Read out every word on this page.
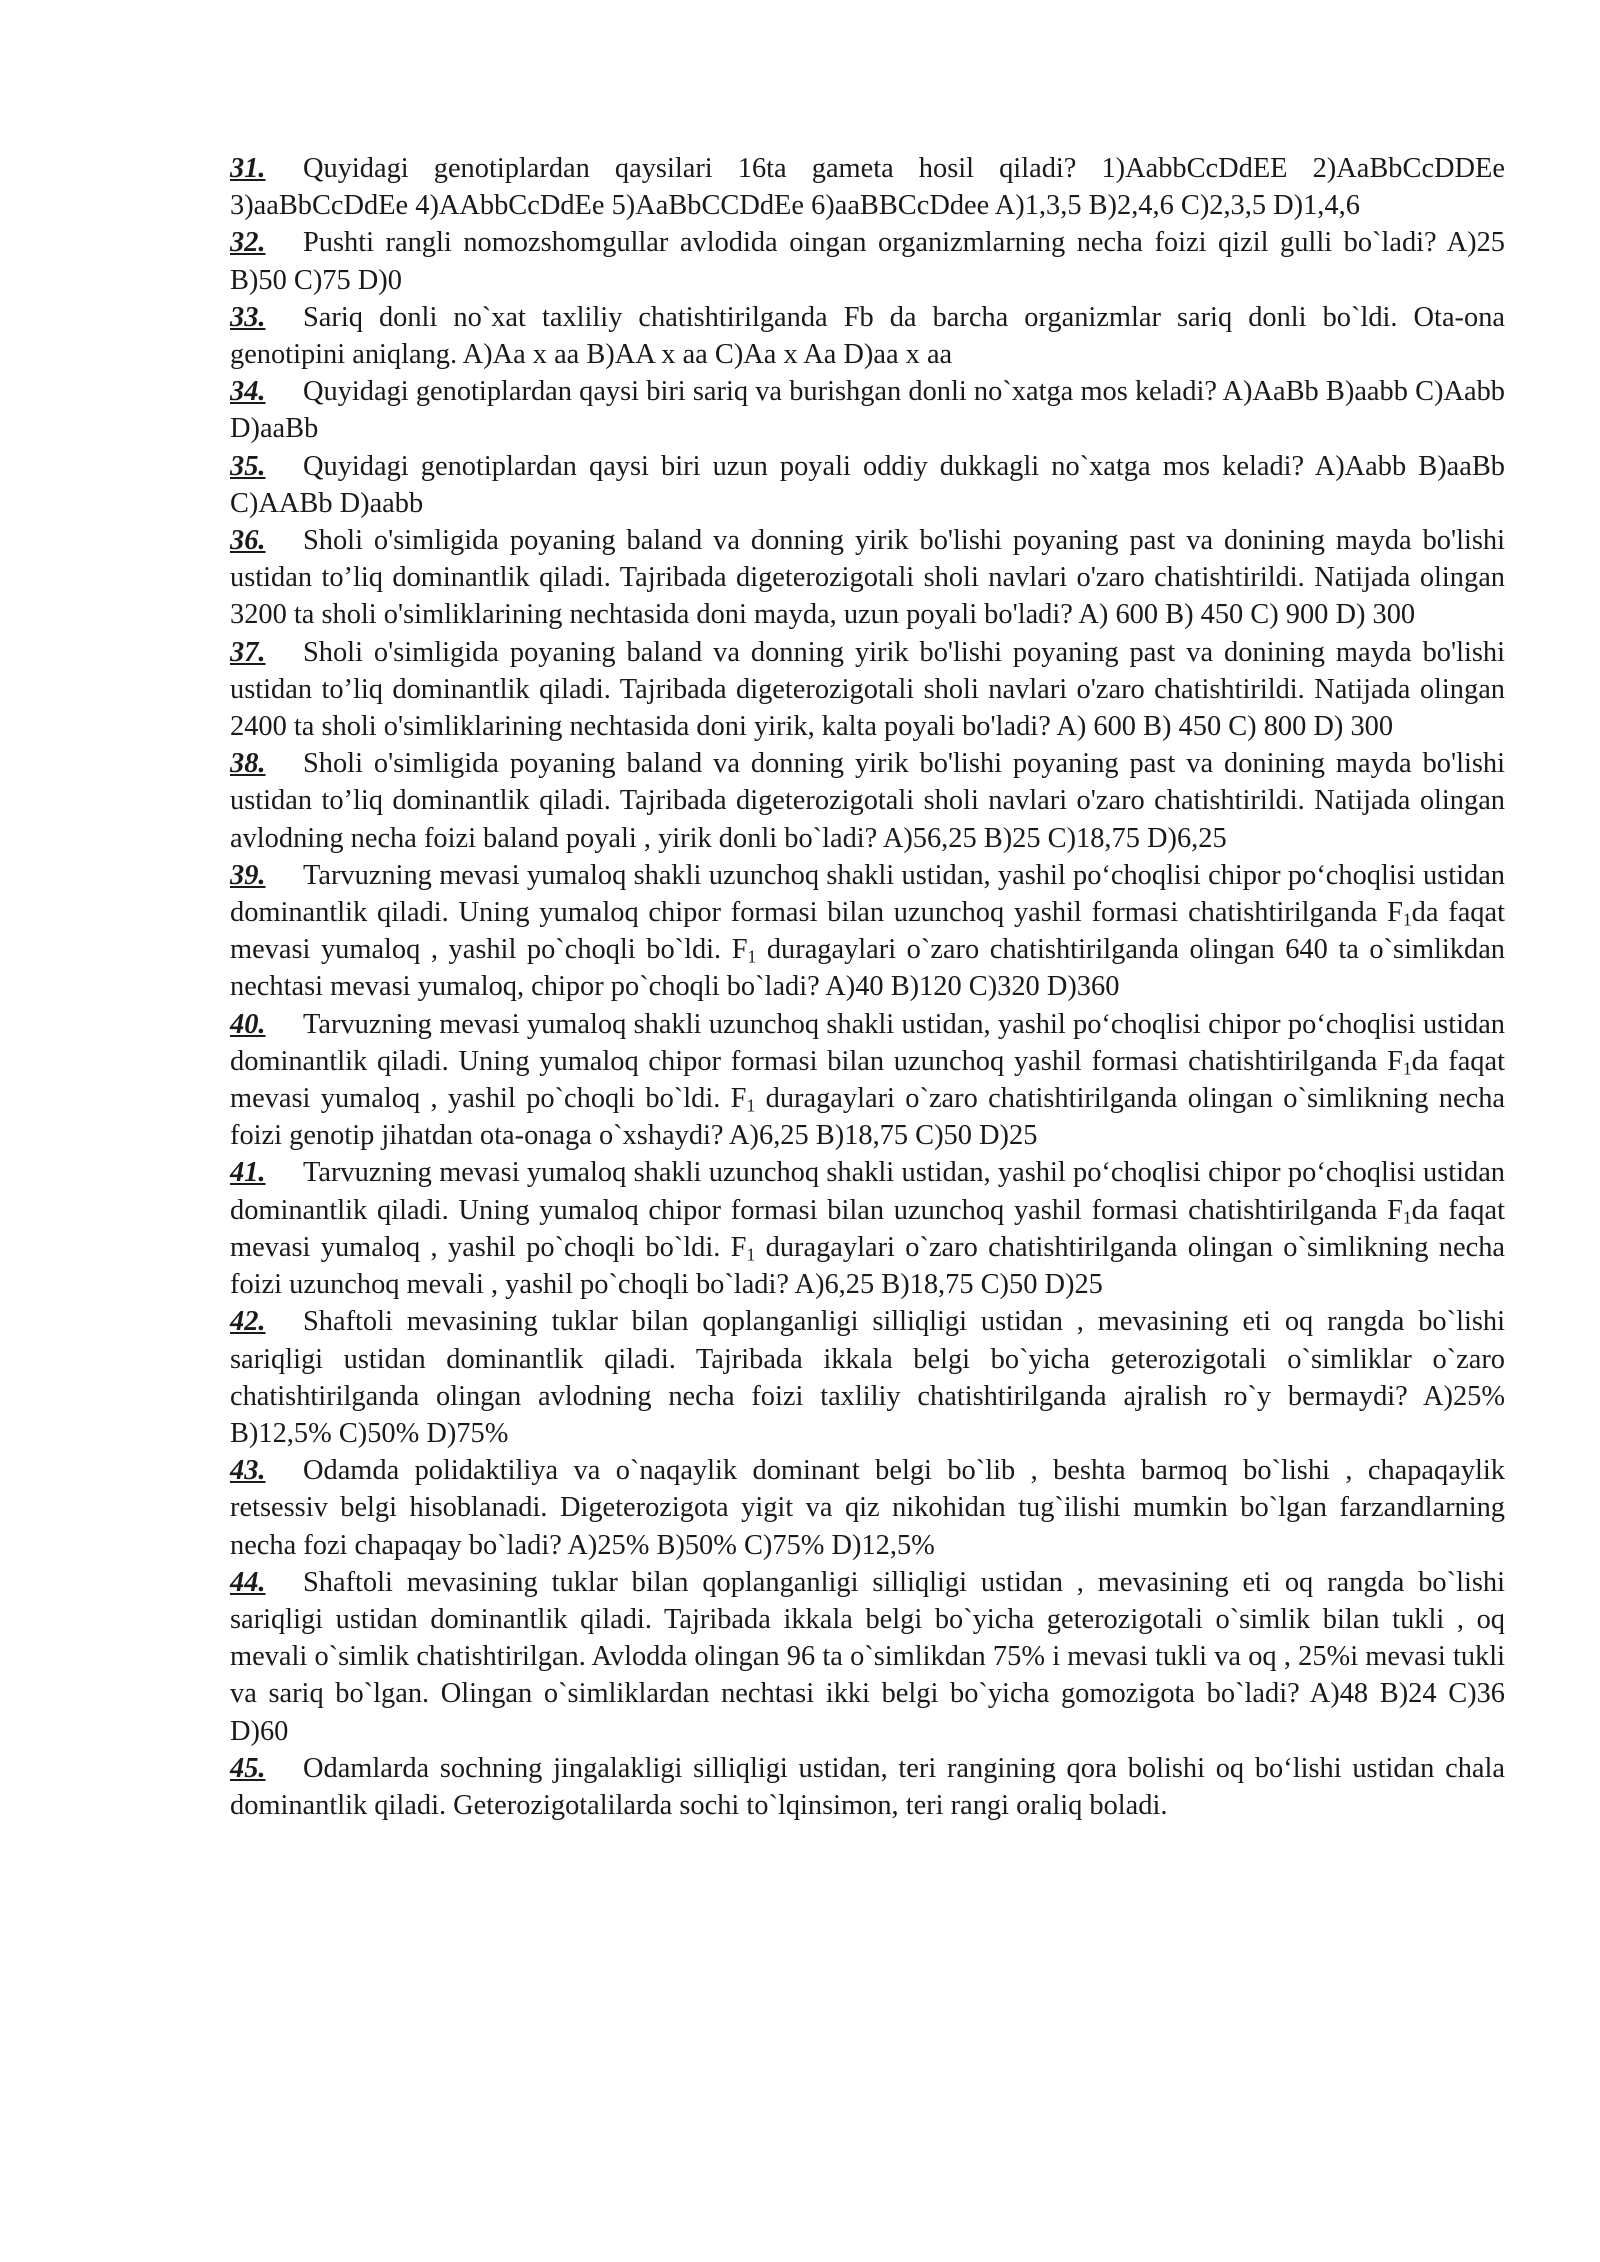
31. Quyidagi genotiplardan qaysilari 16ta gameta hosil qiladi? 1)AabbCcDdEE 2)AaBbCcDDEe 3)aaBbCcDdEe 4)AAbbCcDdEe 5)AaBbCCDdEe 6)aaBBCcDdee A)1,3,5 B)2,4,6 C)2,3,5 D)1,4,6

32. Pushti rangli nomozshomgullar avlodida oingan organizmlarning necha foizi qizil gulli bo`ladi? A)25 B)50 C)75 D)0

33. Sariq donli no`xat taxliliy chatishtirilganda Fb da barcha organizmlar sariq donli bo`ldi. Ota-ona genotipini aniqlang. A)Aa x aa B)AA x aa C)Aa x Aa D)aa x aa

34. Quyidagi genotiplardan qaysi biri sariq va burishgan donli no`xatga mos keladi? A)AaBb B)aabb C)Aabb D)aaBb

35. Quyidagi genotiplardan qaysi biri uzun poyali oddiy dukkagli no`xatga mos keladi? A)Aabb B)aaBb C)AABb D)aabb

36. Sholi o'simligida poyaning baland va donning yirik bo'lishi poyaning past va donining mayda bo'lishi ustidan to’liq dominantlik qiladi. Tajribada digeterozigotali sholi navlari o'zaro chatishtirildi. Natijada olingan 3200 ta sholi o'simliklarining nechtasida doni mayda, uzun poyali bo'ladi? A) 600 B) 450 C) 900 D) 300

37. Sholi o'simligida poyaning baland va donning yirik bo'lishi poyaning past va donining mayda bo'lishi ustidan to’liq dominantlik qiladi. Tajribada digeterozigotali sholi navlari o'zaro chatishtirildi. Natijada olingan 2400 ta sholi o'simliklarining nechtasida doni yirik, kalta poyali bo'ladi? A) 600 B) 450 C) 800 D) 300

38. Sholi o'simligida poyaning baland va donning yirik bo'lishi poyaning past va donining mayda bo'lishi ustidan to’liq dominantlik qiladi. Tajribada digeterozigotali sholi navlari o'zaro chatishtirildi. Natijada olingan avlodning necha foizi baland poyali , yirik donli bo`ladi? A)56,25 B)25 C)18,75 D)6,25

39. Tarvuzning mevasi yumaloq shakli uzunchoq shakli ustidan, yashil po‘choqlisi chipor po‘choqlisi ustidan dominantlik qiladi. Uning yumaloq chipor formasi bilan uzunchoq yashil formasi chatishtirilganda $F_1da$ faqat mevasi yumaloq , yashil po`choqli bo`ldi. $F_1$ duragaylari o`zaro chatishtirilganda olingan 640 ta o`simlikdan nechtasi mevasi yumaloq, chipor po`choqli bo`ladi? A)40 B)120 C)320 D)360

40. Tarvuzning mevasi yumaloq shakli uzunchoq shakli ustidan, yashil po‘choqlisi chipor po‘choqlisi ustidan dominantlik qiladi. Uning yumaloq chipor formasi bilan uzunchoq yashil formasi chatishtirilganda $F_1da$ faqat mevasi yumaloq , yashil po`choqli bo`ldi. $F_1$ duragaylari o`zaro chatishtirilganda olingan o`simlikning necha foizi genotip jihatdan ota-onaga o`xshaydi? A)6,25 B)18,75 C)50 D)25

41. Tarvuzning mevasi yumaloq shakli uzunchoq shakli ustidan, yashil po‘choqlisi chipor po‘choqlisi ustidan dominantlik qiladi. Uning yumaloq chipor formasi bilan uzunchoq yashil formasi chatishtirilganda $F_1da$ faqat mevasi yumaloq , yashil po`choqli bo`ldi. $F_1$ duragaylari o`zaro chatishtirilganda olingan o`simlikning necha foizi uzunchoq mevali , yashil po`choqli bo`ladi? A)6,25 B)18,75 C)50 D)25

42. Shaftoli mevasining tuklar bilan qoplanganligi silliqligi ustidan , mevasining eti oq rangda bo`lishi sariqligi ustidan dominantlik qiladi. Tajribada ikkala belgi bo`yicha geterozigotali o`simliklar o`zaro chatishtirilganda olingan avlodning necha foizi taxliliy chatishtirilganda ajralish ro`y bermaydi? A)25% B)12,5% C)50% D)75%

43. Odamda polidaktiliya va o`naqaylik dominant belgi bo`lib , beshta barmoq bo`lishi , chapaqaylik retsessiv belgi hisoblanadi. Digeterozigota yigit va qiz nikohidan tug`ilishi mumkin bo`lgan farzandlarning necha fozi chapaqay bo`ladi? A)25% B)50% C)75% D)12,5%

44. Shaftoli mevasining tuklar bilan qoplanganligi silliqligi ustidan , mevasining eti oq rangda bo`lishi sariqligi ustidan dominantlik qiladi. Tajribada ikkala belgi bo`yicha geterozigotali o`simlik bilan tukli , oq mevali o`simlik chatishtirilgan. Avlodda olingan 96 ta o`simlikdan 75% i mevasi tukli va oq , 25%i mevasi tukli va sariq bo`lgan. Olingan o`simliklardan nechtasi ikki belgi bo`yicha gomozigota bo`ladi? A)48 B)24 C)36 D)60

45. Odamlarda sochning jingalakligi silliqligi ustidan, teri rangining qora bolishi oq bo‘lishi ustidan chala dominantlik qiladi. Geterozigotalilarda sochi to`lqinsimon, teri rangi oraliq boladi.
